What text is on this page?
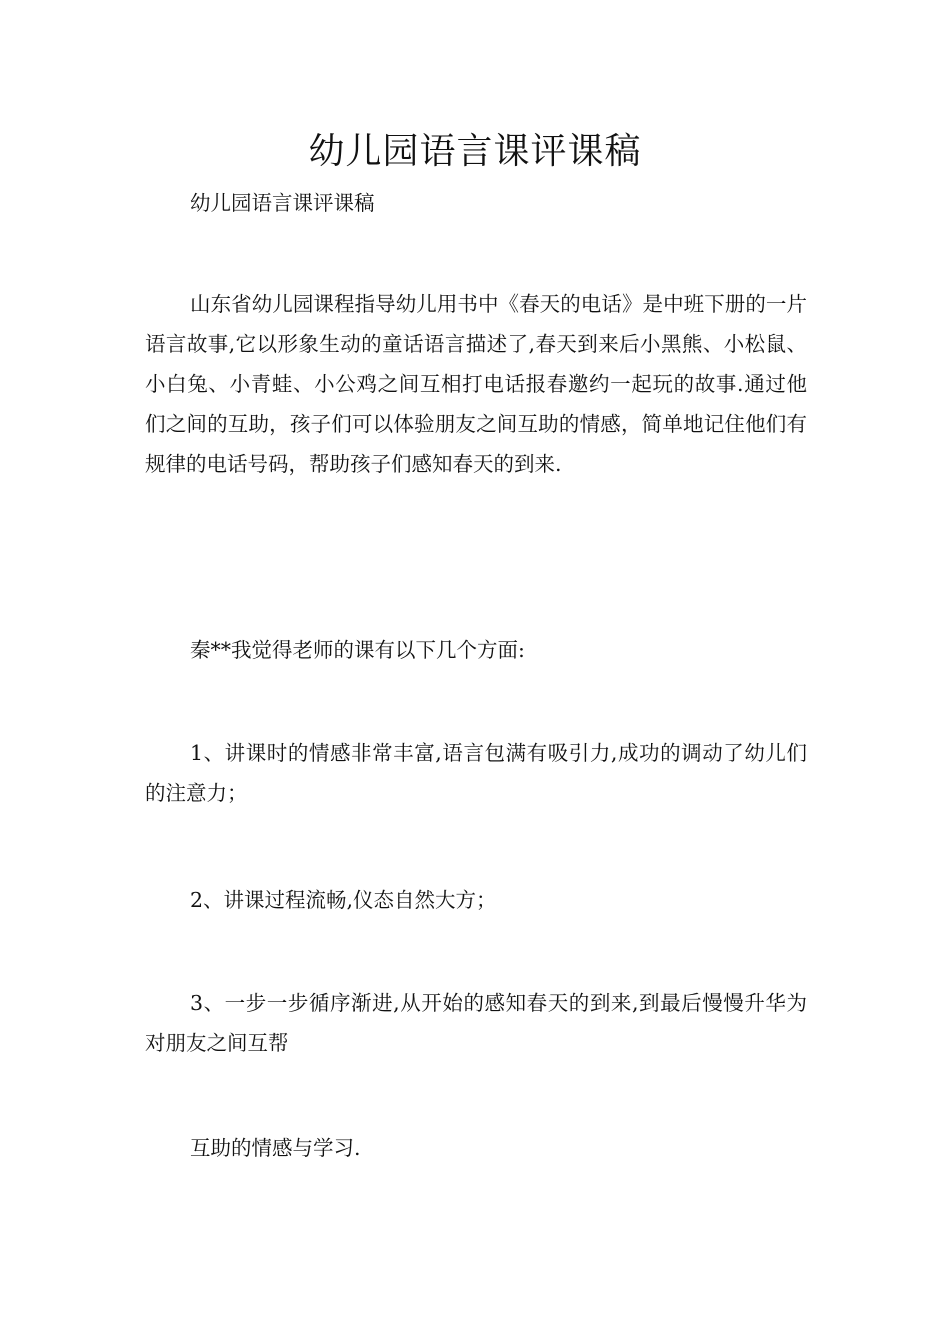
幼儿园语言课评课稿

幼儿园语言课评课稿

山东省幼儿园课程指导幼儿用书中《春天的电话》是中班下册的一片语言故事,它以形象生动的童话语言描述了,春天到来后小黑熊、小松鼠、小白兔、小青蛙、小公鸡之间互相打电话报春邀约一起玩的故事.通过他们之间的互助，孩子们可以体验朋友之间互助的情感，简单地记住他们有规律的电话号码，帮助孩子们感知春天的到来.

秦**我觉得老师的课有以下几个方面:

1、讲课时的情感非常丰富,语言包满有吸引力,成功的调动了幼儿们的注意力；

2、讲课过程流畅,仪态自然大方；

3、一步一步循序渐进,从开始的感知春天的到来,到最后慢慢升华为对朋友之间互帮

互助的情感与学习.
